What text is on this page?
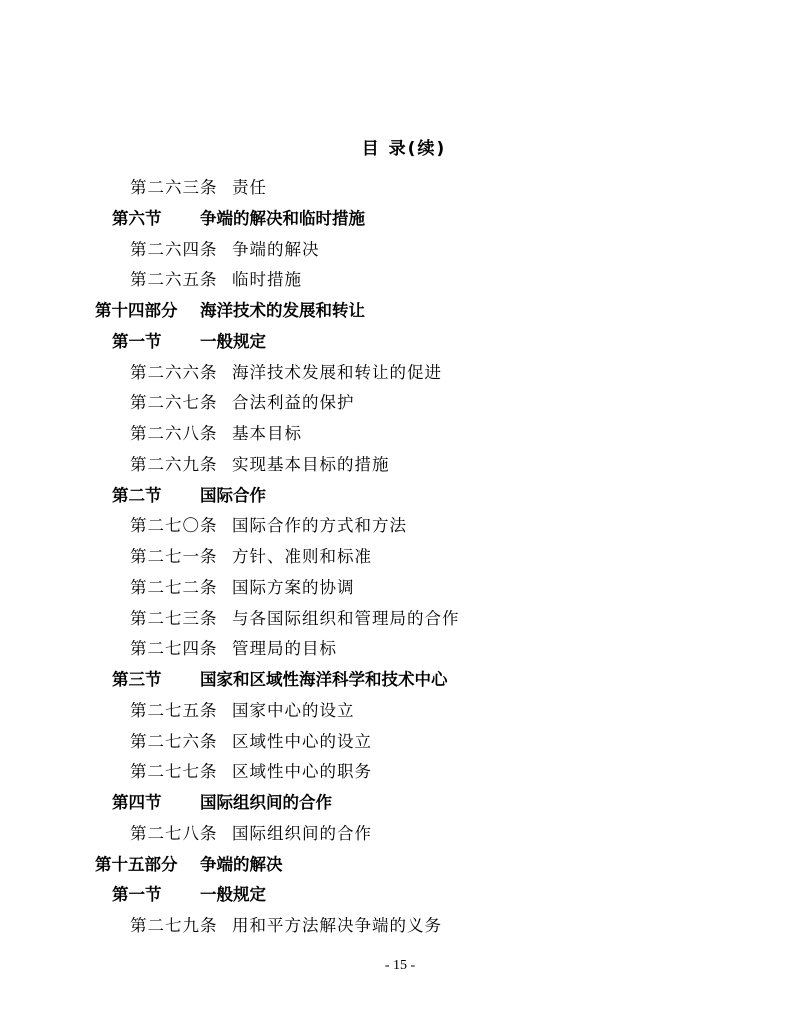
目 录(续)
第二六三条 责任
第六节 争端的解决和临时措施
第二六四条 争端的解决
第二六五条 临时措施
第十四部分 海洋技术的发展和转让
第一节 一般规定
第二六六条 海洋技术发展和转让的促进
第二六七条 合法利益的保护
第二六八条 基本目标
第二六九条 实现基本目标的措施
第二节 国际合作
第二七〇条 国际合作的方式和方法
第二七一条 方针、准则和标准
第二七二条 国际方案的协调
第二七三条 与各国际组织和管理局的合作
第二七四条 管理局的目标
第三节 国家和区域性海洋科学和技术中心
第二七五条 国家中心的设立
第二七六条 区域性中心的设立
第二七七条 区域性中心的职务
第四节 国际组织间的合作
第二七八条 国际组织间的合作
第十五部分 争端的解决
第一节 一般规定
第二七九条 用和平方法解决争端的义务
- 15 -
